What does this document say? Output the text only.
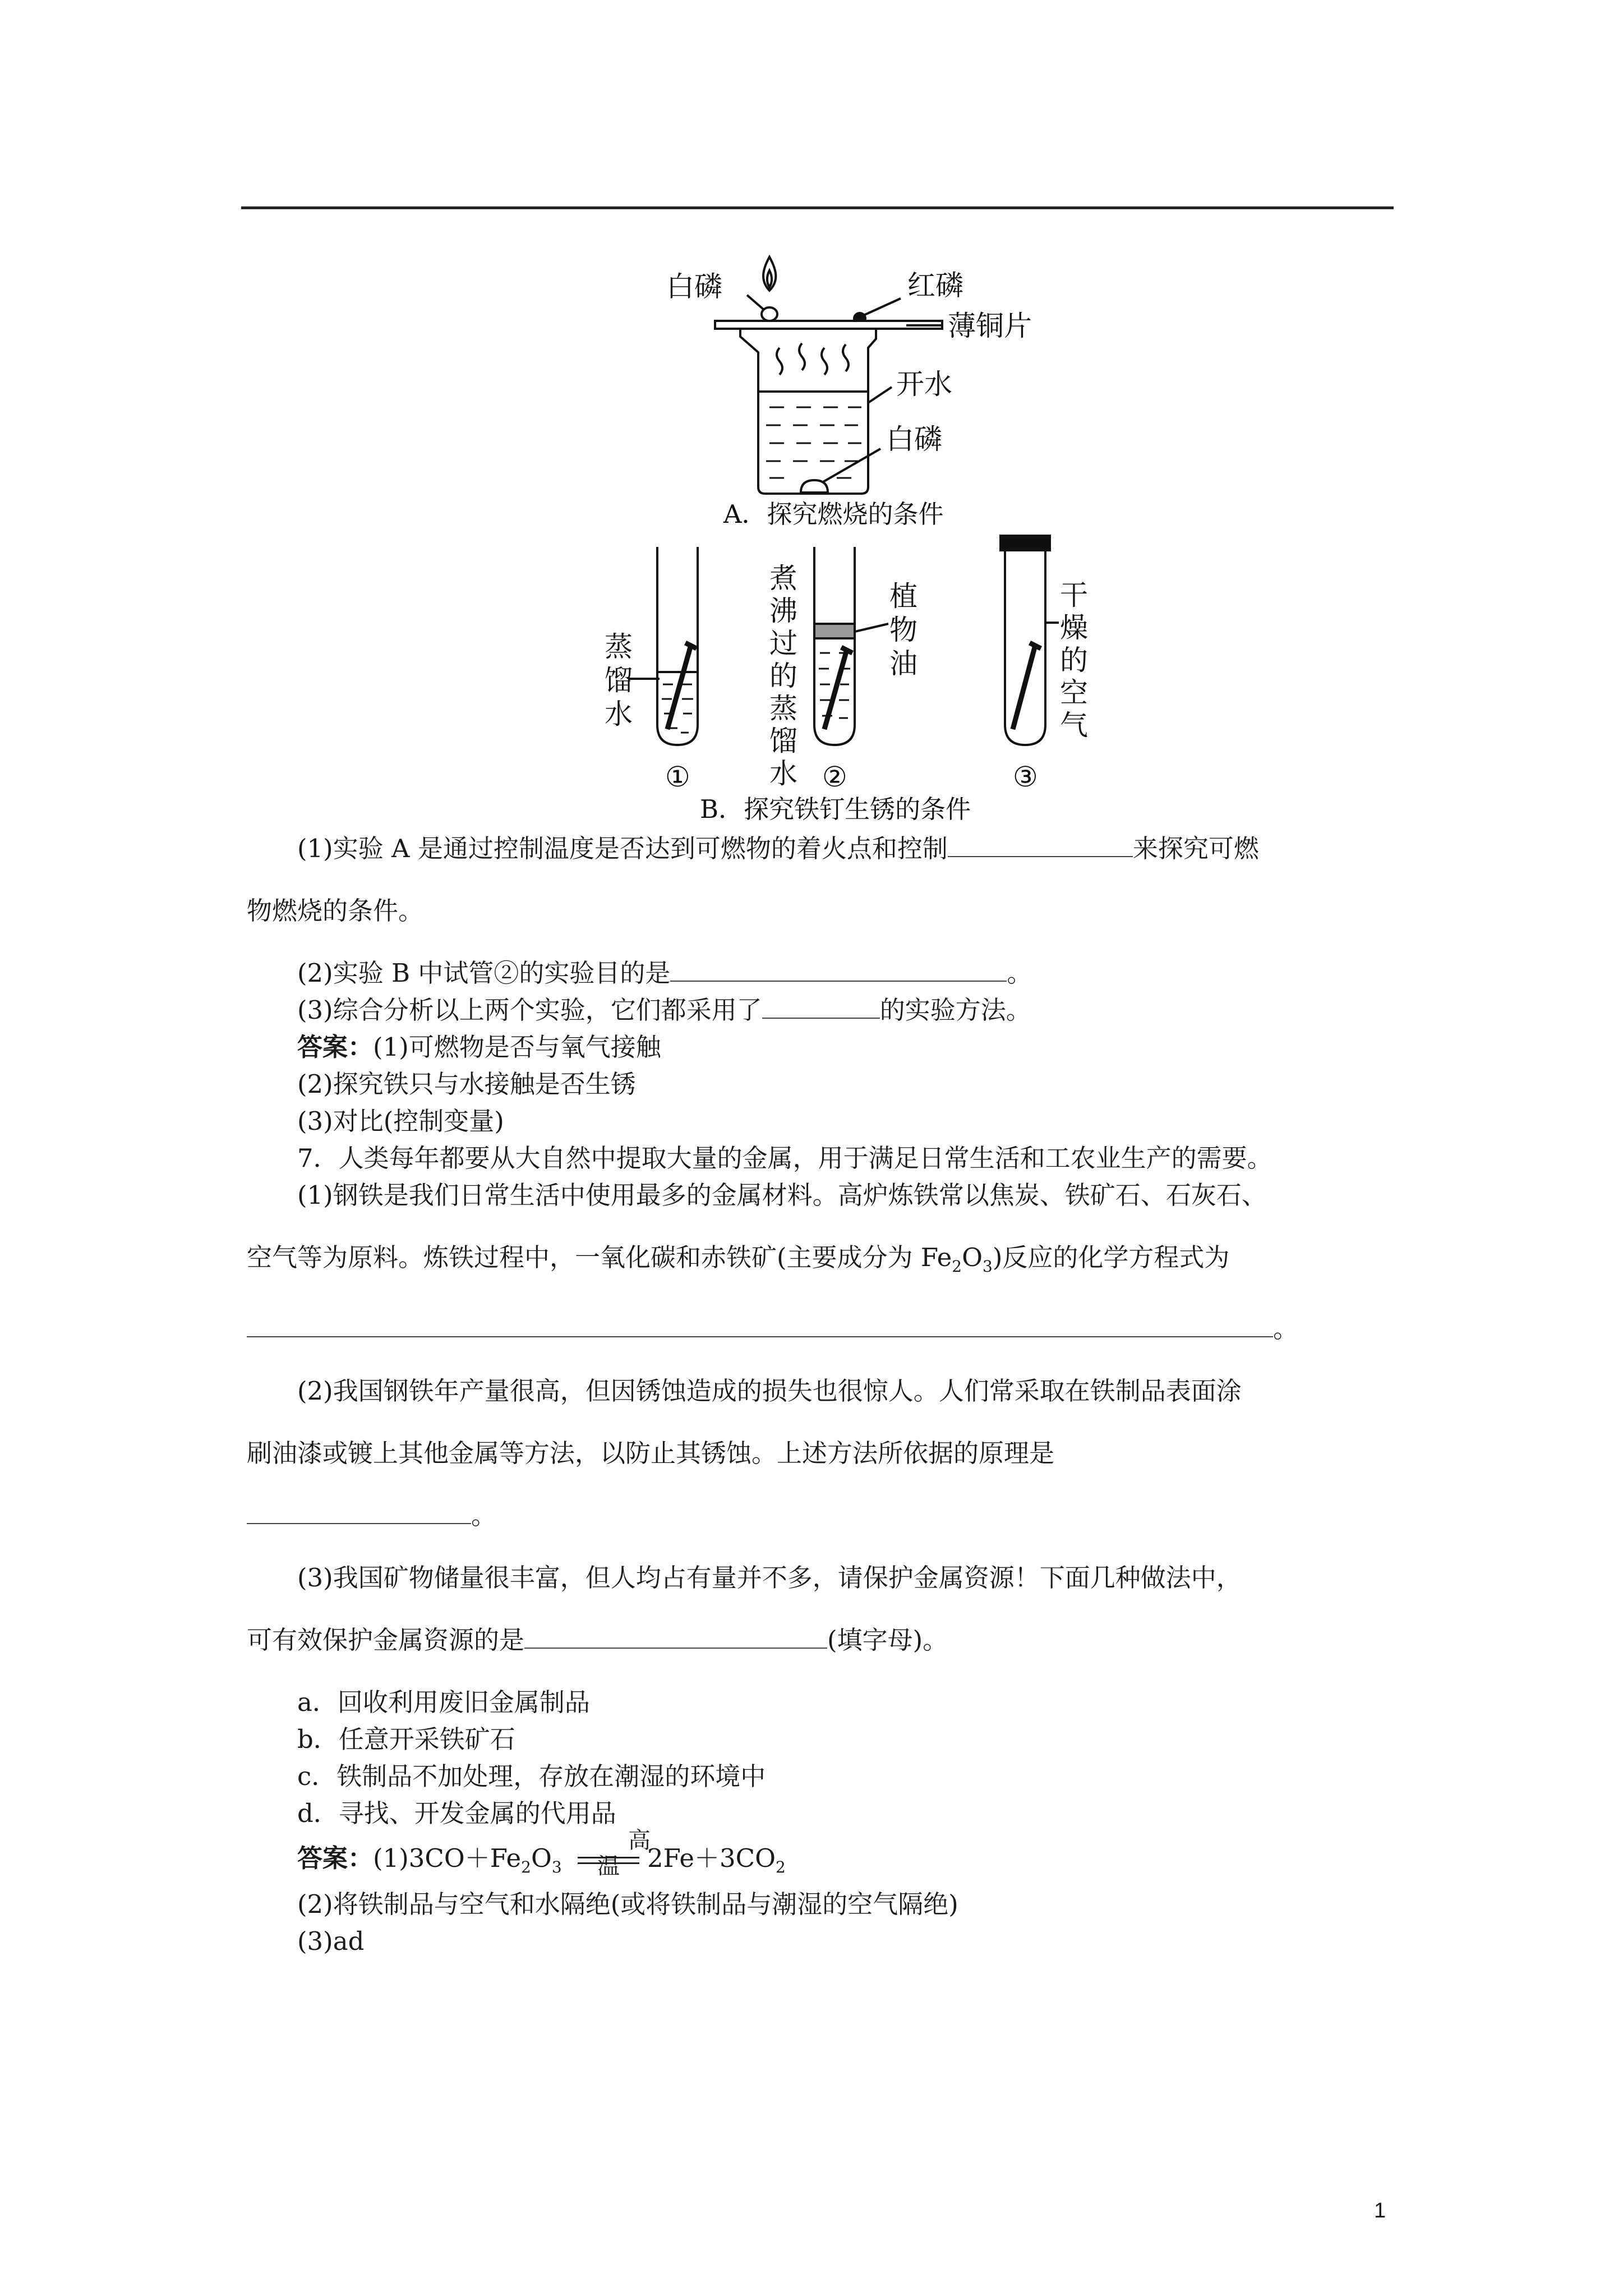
白磷	红磷
薄铜片
开水
白磷
A．探究燃烧的条件
蒸馏水
煮沸过的蒸馏水
植物油
干燥的空气
①	②	③
B．探究铁钉生锈的条件

(1)实验 A 是通过控制温度是否达到可燃物的着火点和控制	来探究可燃

物燃烧的条件。

(2)实验 B 中试管②的实验目的是	。

(3)综合分析以上两个实验，它们都采用了	的实验方法。

答案：(1)可燃物是否与氧气接触

(2)探究铁只与水接触是否生锈

(3)对比(控制变量)

7．人类每年都要从大自然中提取大量的金属，用于满足日常生活和工农业生产的需要。

(1)钢铁是我们日常生活中使用最多的金属材料。高炉炼铁常以焦炭、铁矿石、石灰石、

空气等为原料。炼铁过程中，一氧化碳和赤铁矿(主要成分为 $Fe_2O_3$)反应的化学方程式为

。

(2)我国钢铁年产量很高，但因锈蚀造成的损失也很惊人。人们常采取在铁制品表面涂

刷油漆或镀上其他金属等方法，以防止其锈蚀。上述方法所依据的原理是

。

(3)我国矿物储量很丰富，但人均占有量并不多，请保护金属资源！下面几种做法中，

可有效保护金属资源的是	(填字母)。

a．回收利用废旧金属制品

b．任意开采铁矿石

c．铁制品不加处理，存放在潮湿的环境中

d．寻找、开发金属的代用品

答案：$(1)3CO+Fe_2O_3$
高温	$2Fe+3CO_2$

(2)将铁制品与空气和水隔绝(或将铁制品与潮湿的空气隔绝)

(3)ad

1
